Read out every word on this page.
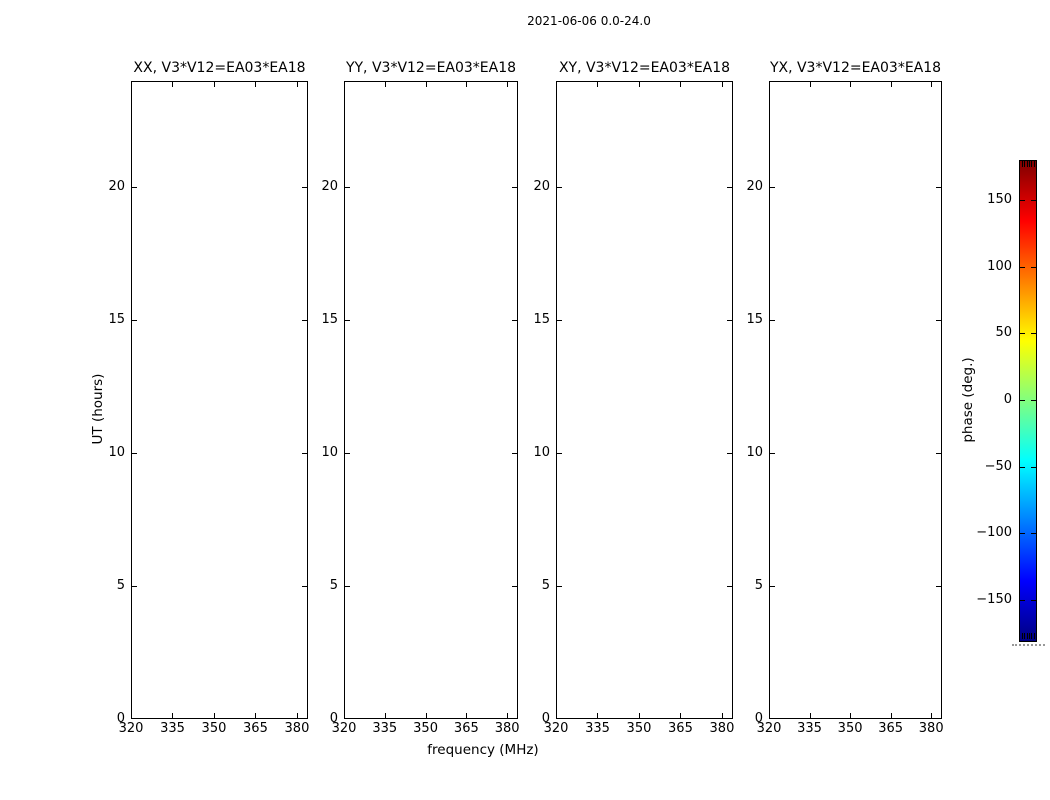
2021-06-06 0.0-24.0
XX, V3*V12=EA03*EA18
320 335 350 365 380
0
5
10
15
20
YY, V3*V12=EA03*EA18
320 335 350 365 380
0
5
10
15
20
XY, V3*V12=EA03*EA18
320 335 350 365 380
0
5
10
15
20
YX, V3*V12=EA03*EA18
320 335 350 365 380
0
5
10
15
20
frequency (MHz)
UT (hours)	phase (deg.)
150
100
50
0
−50
−100
−150
